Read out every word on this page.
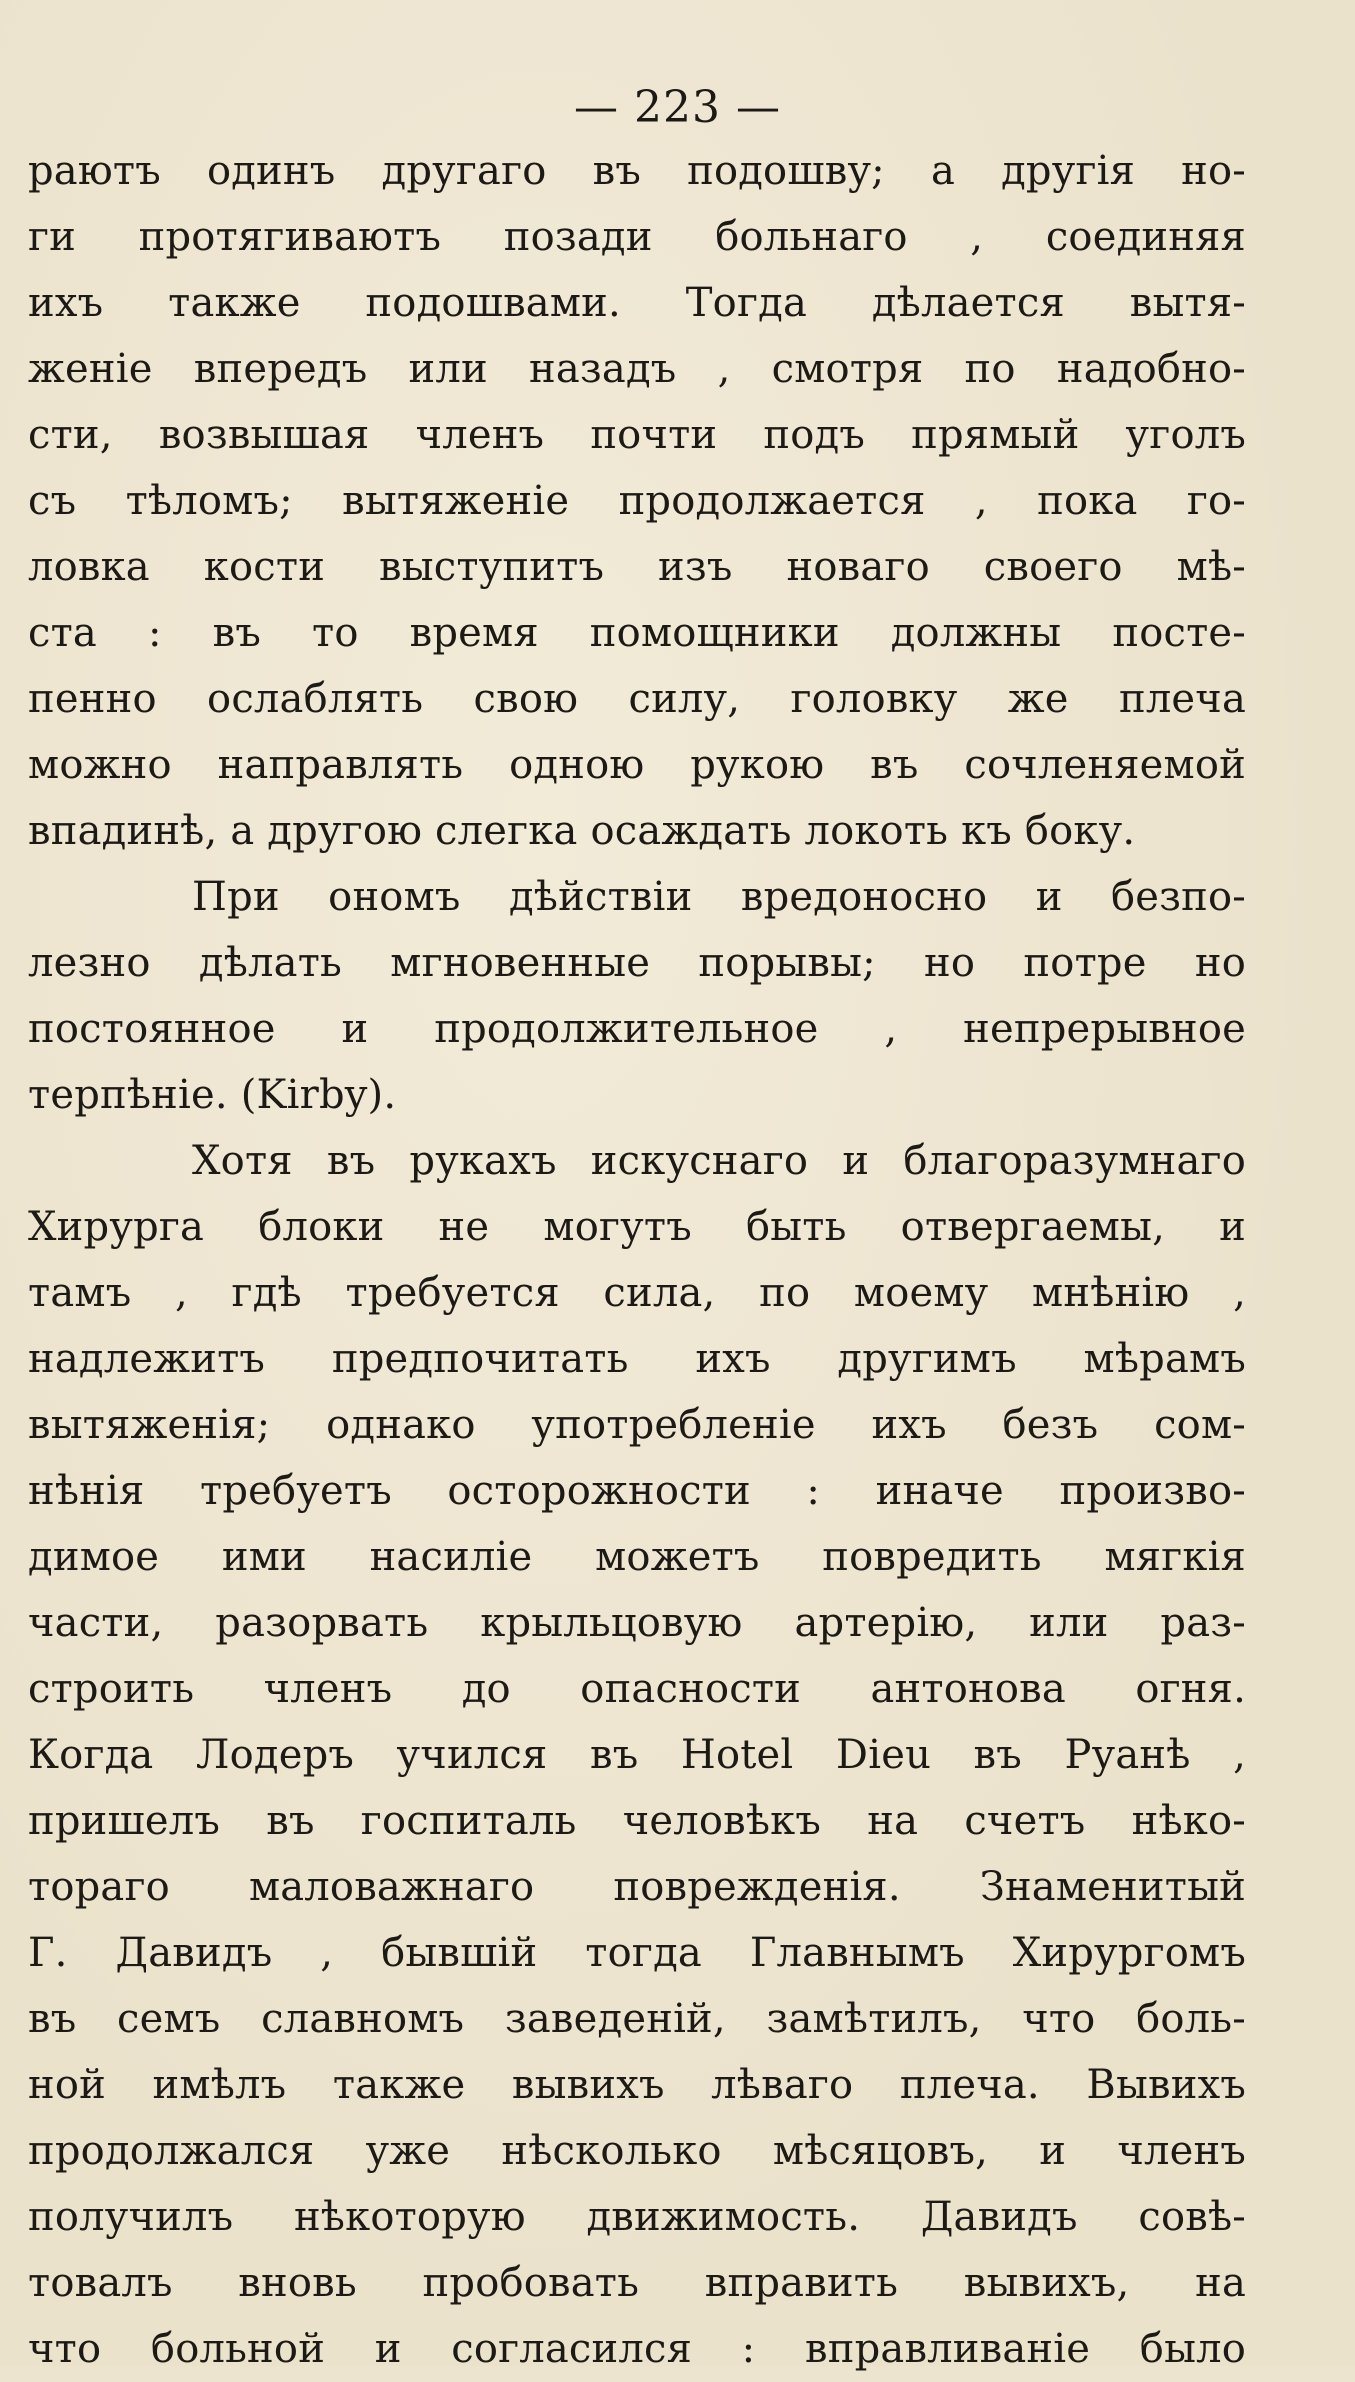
— 223 —
раютъ одинъ другаго въ подошву; а другія но-
ги протягиваютъ позади больнаго , соединяя
ихъ также подошвами. Тогда дѣлается вытя-
женіе впередъ или назадъ , смотря по надобно-
сти, возвышая членъ почти подъ прямый уголъ
съ тѣломъ; вытяженіе продолжается , пока го-
ловка кости выступитъ изъ новаго своего мѣ-
ста : въ то время помощники должны посте-
пенно ослаблять свою силу, головку же плеча
можно направлять одною рукою въ сочленяемой
впадинѣ, а другою слегка осаждать локоть къ боку.
При ономъ дѣйствіи вредоносно и безпо-
лезно дѣлать мгновенные порывы; но потре но
постоянное и продолжительное , непрерывное
терпѣніе. (Kirby).
Хотя въ рукахъ искуснаго и благоразумнаго
Хирурга блоки не могутъ быть отвергаемы, и
тамъ , гдѣ требуется сила, по моему мнѣнію ,
надлежитъ предпочитать ихъ другимъ мѣрамъ
вытяженія; однако употребленіе ихъ безъ сом-
нѣнія требуетъ осторожности : иначе произво-
димое ими насиліе можетъ повредить мягкія
части, разорвать крыльцовую артерію, или раз-
строить членъ до опасности антонова огня.
Когда Лодеръ учился въ Hotel Dieu въ Руанѣ ,
пришелъ въ госпиталь человѣкъ на счетъ нѣко-
тораго маловажнаго поврежденія. Знаменитый
Г. Давидъ , бывшій тогда Главнымъ Хирургомъ
въ семъ славномъ заведеній, замѣтилъ, что боль-
ной имѣлъ также вывихъ лѣваго плеча. Вывихъ
продолжался уже нѣсколько мѣсяцовъ, и членъ
получилъ нѣкоторую движимость. Давидъ совѣ-
товалъ вновь пробовать вправить вывихъ, на
что больной и согласился : вправливаніе было
